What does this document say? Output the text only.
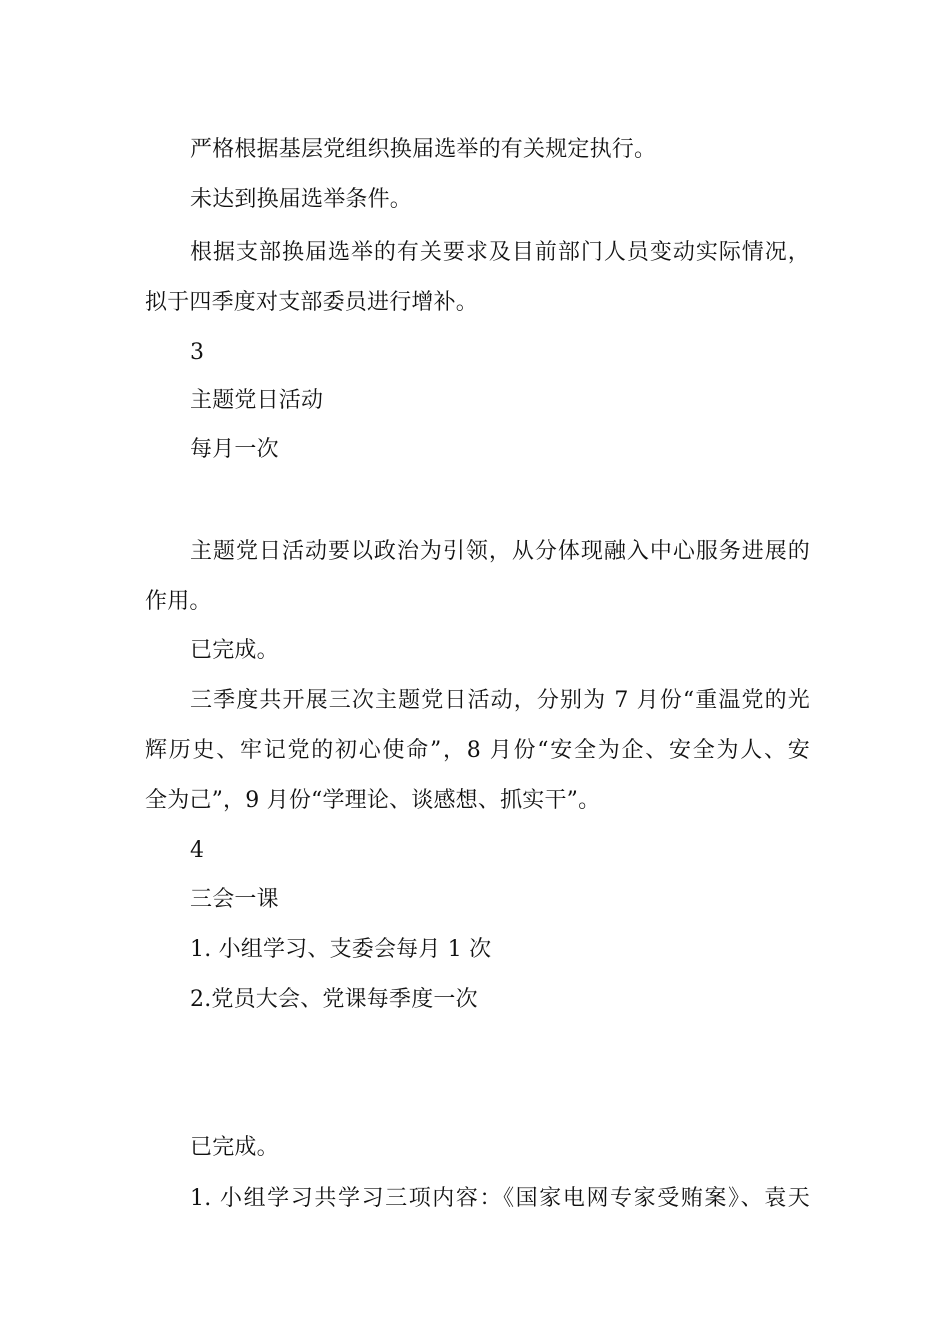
严格根据基层党组织换届选举的有关规定执行。
未达到换届选举条件。
根据支部换届选举的有关要求及目前部门人员变动实际情况，
拟于四季度对支部委员进行增补。
3
主题党日活动
每月一次
主题党日活动要以政治为引领，从分体现融入中心服务进展的
作用。
已完成。
三季度共开展三次主题党日活动，分别为 7 月份“重温党的光
辉历史、牢记党的初心使命”，8 月份“安全为企、安全为人、安
全为己”，9 月份“学理论、谈感想、抓实干”。
4
三会一课
1. 小组学习、支委会每月 1 次
2.党员大会、党课每季度一次
已完成。
1. 小组学习共学习三项内容：《国家电网专家受贿案》、袁天
